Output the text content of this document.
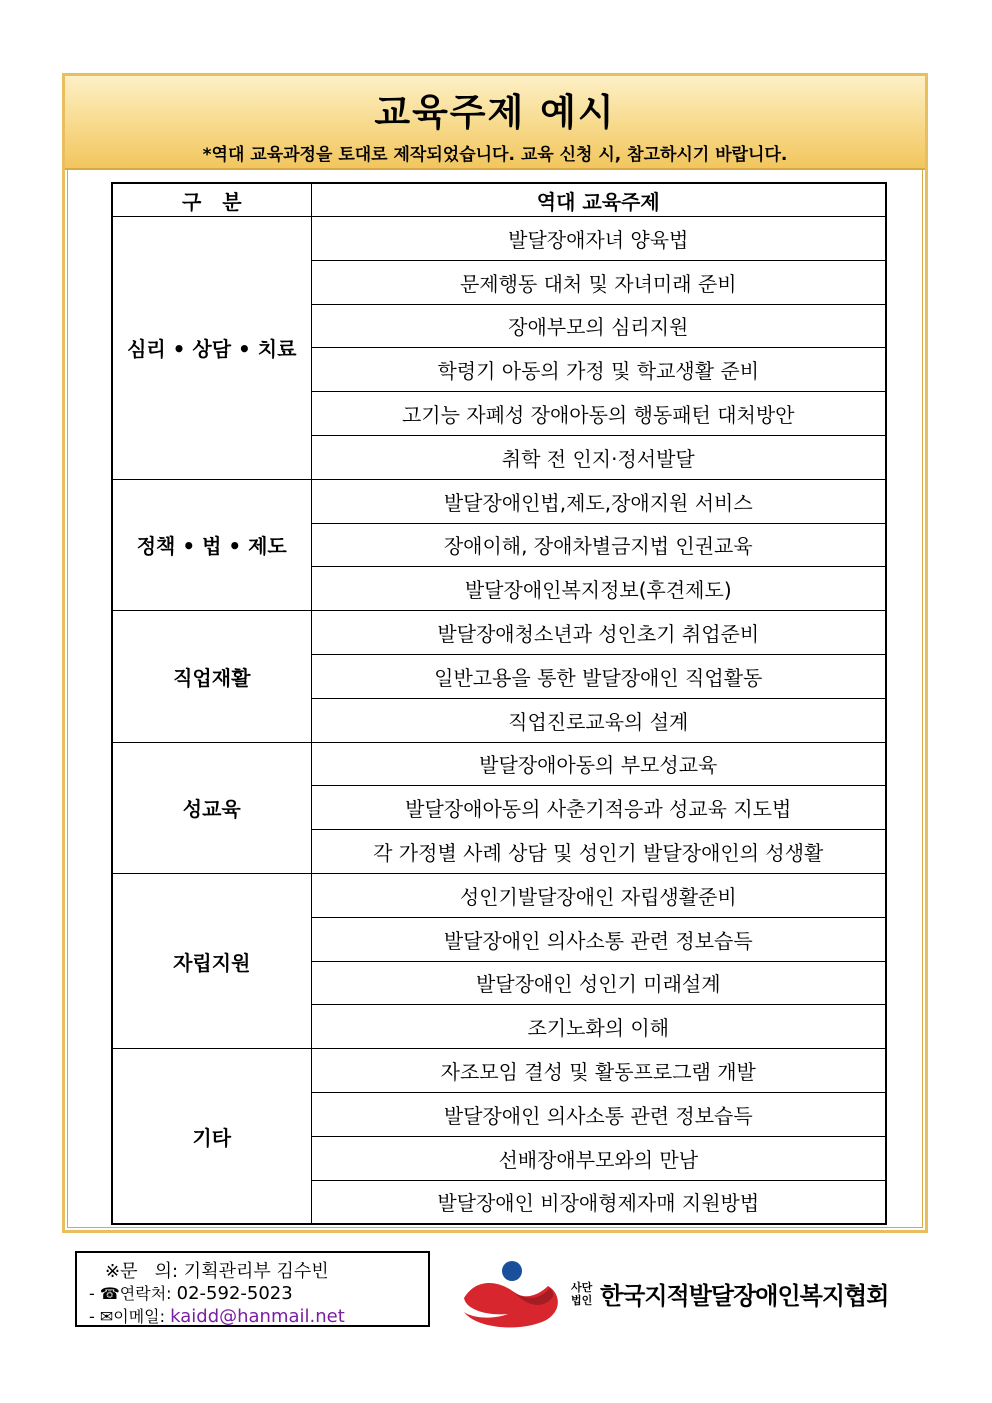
교육주제 예시
*역대 교육과정을 토대로 제작되었습니다. 교육 신청 시, 참고하시기 바랍니다.
구   분	역대 교육주제
심리 • 상담 • 치료	발달장애자녀 양육법
	문제행동 대처 및 자녀미래 준비
	장애부모의 심리지원
	학령기 아동의 가정 및 학교생활 준비
	고기능 자폐성 장애아동의 행동패턴 대처방안
	취학 전 인지·정서발달
정책 • 법 • 제도	발달장애인법,제도,장애지원 서비스
	장애이해, 장애차별금지법 인권교육
	발달장애인복지정보(후견제도)
직업재활	발달장애청소년과 성인초기 취업준비
	일반고용을 통한 발달장애인 직업활동
	직업진로교육의 설계
성교육	발달장애아동의 부모성교육
	발달장애아동의 사춘기적응과 성교육 지도법
	각 가정별 사례 상담 및 성인기 발달장애인의 성생활
자립지원	성인기발달장애인 자립생활준비
	발달장애인 의사소통 관련 정보습득
	발달장애인 성인기 미래설계
	조기노화의 이해
기타	자조모임 결성 및 활동프로그램 개발
	발달장애인 의사소통 관련 정보습득
	선배장애부모와의 만남
	발달장애인 비장애형제자매 지원방법
※문   의: 기획관리부 김수빈
- ☎연락처: 02-592-5023
- ✉이메일: kaidd@hanmail.net
사단
법인 한국지적발달장애인복지협회
